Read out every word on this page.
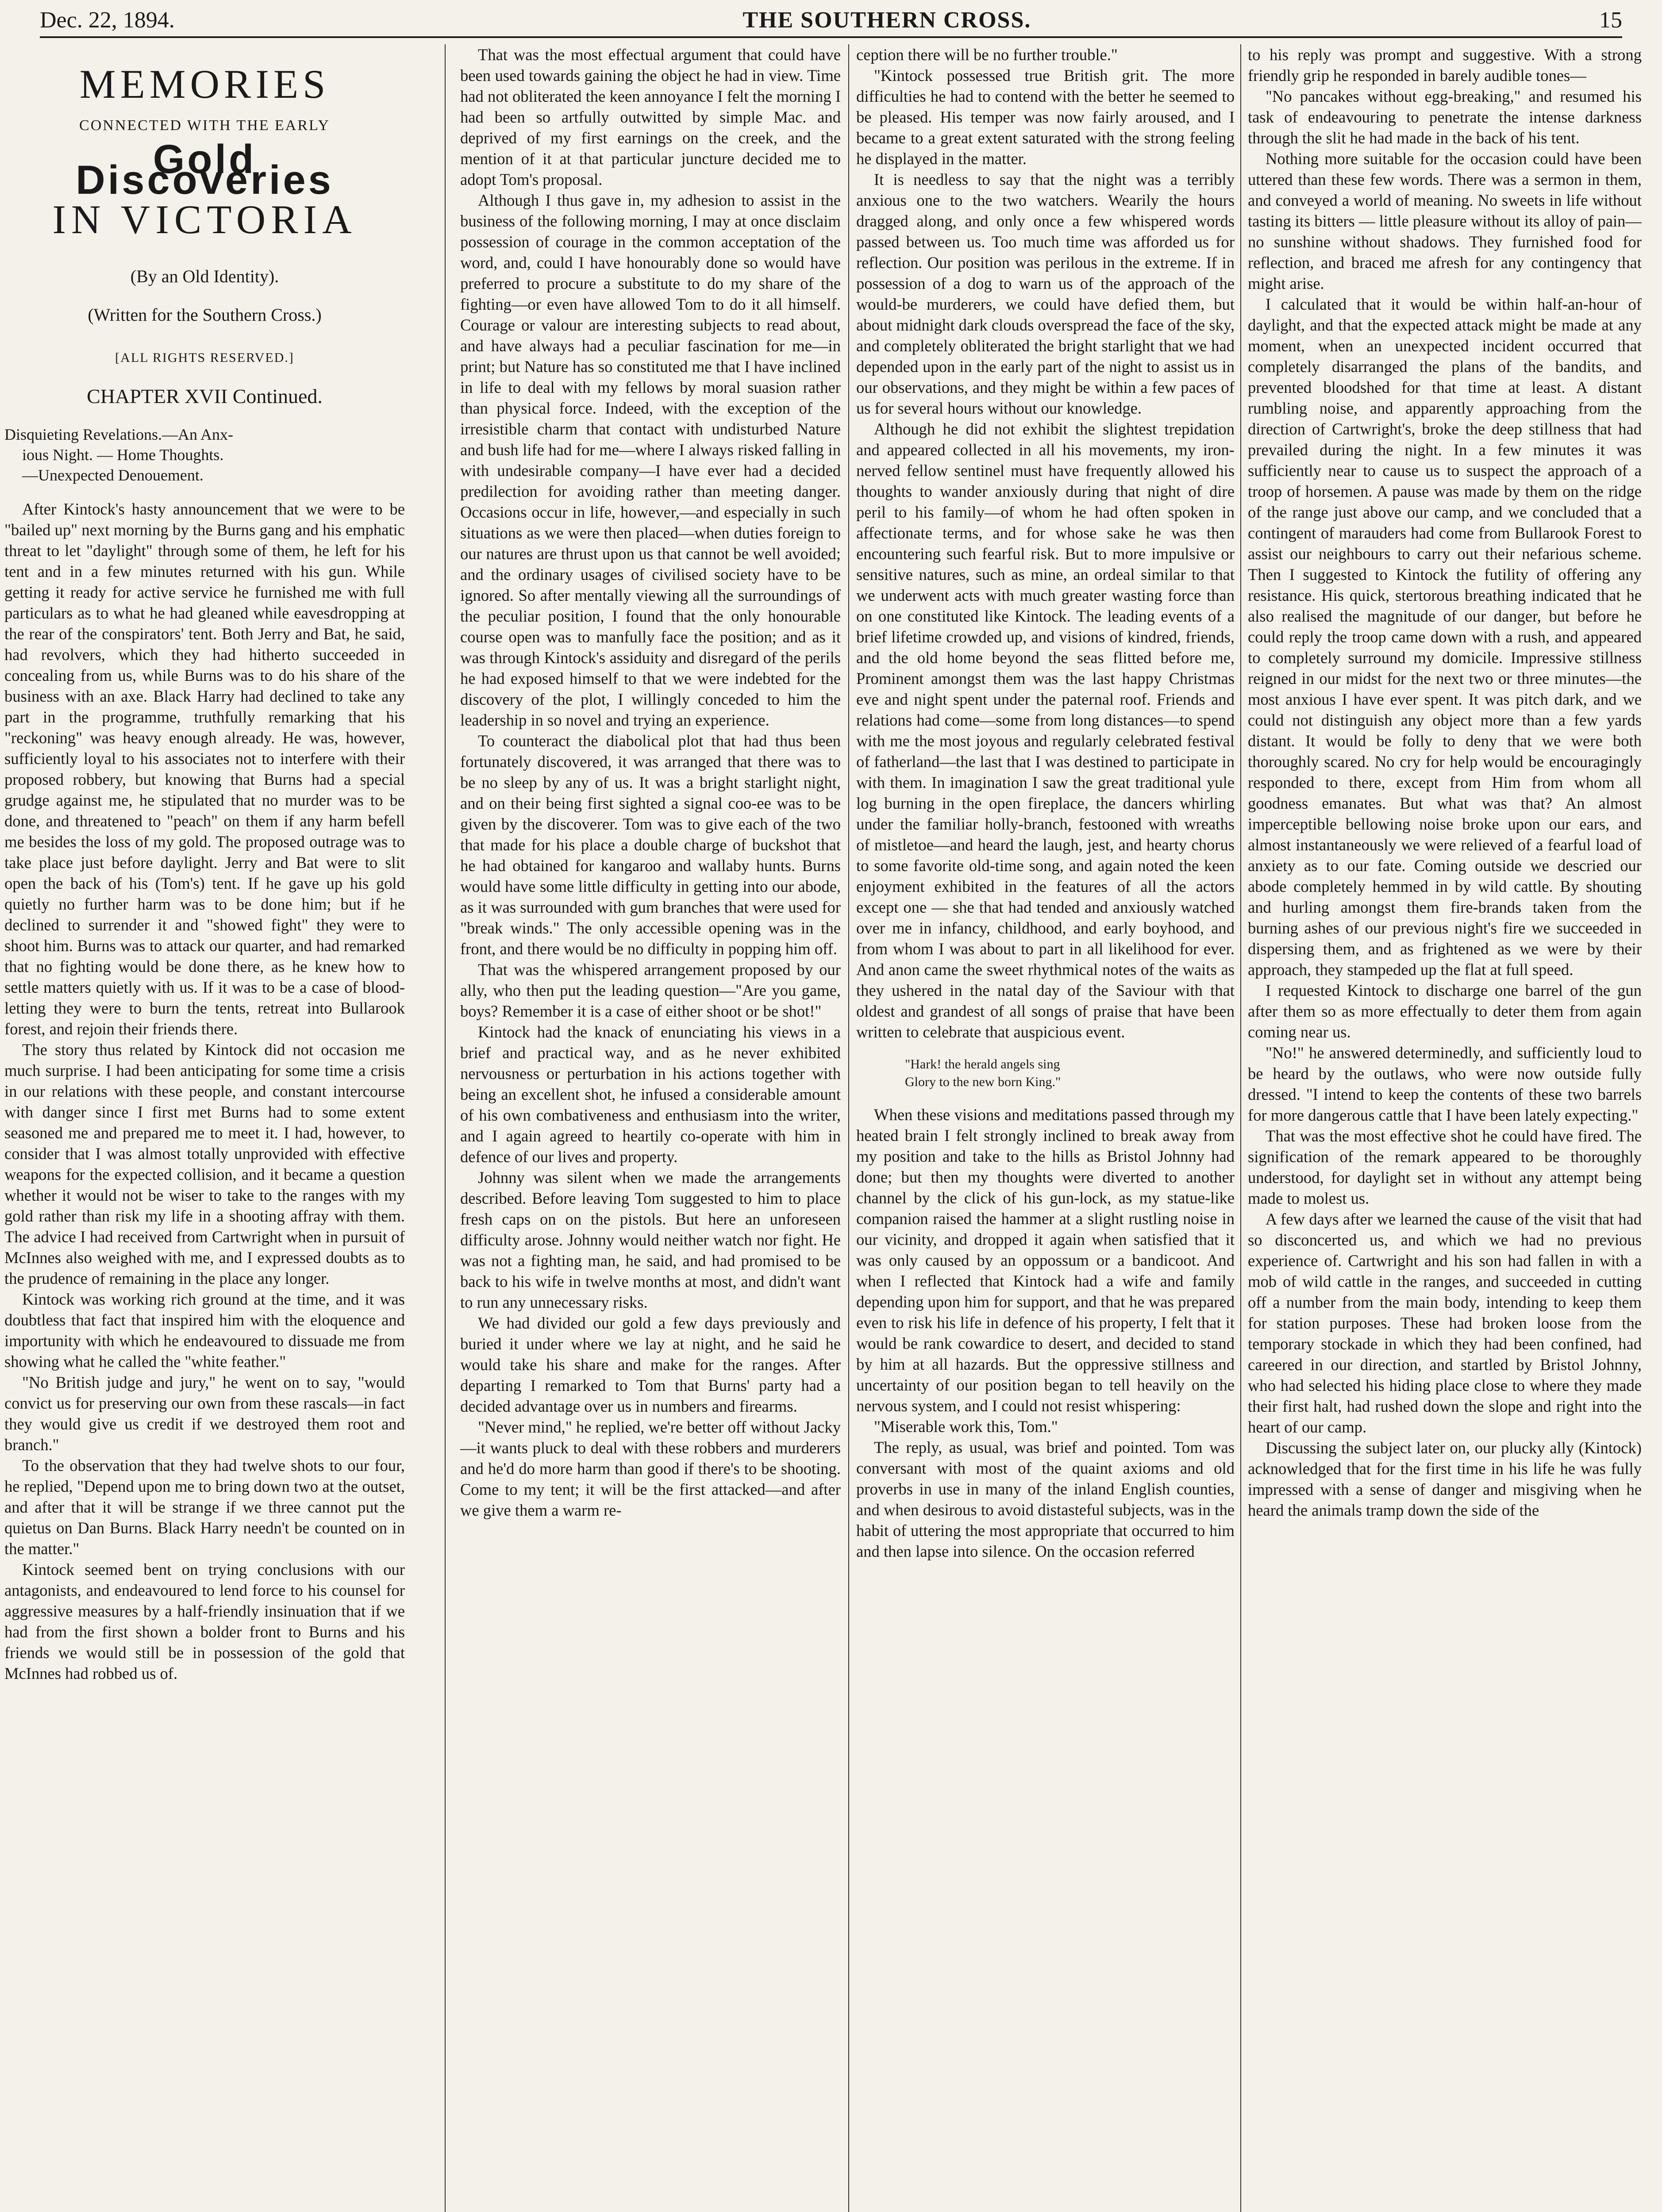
Dec. 22, 1894.	THE SOUTHERN CROSS.	15
MEMORIES
CONNECTED WITH THE EARLY
Gold Discoveries
IN VICTORIA
(By an Old Identity).
(Written for the Southern Cross.)
[ALL RIGHTS RESERVED.]
CHAPTER XVII Continued.
Disquieting Revelations.—An Anx-
ious Night. — Home Thoughts.
—Unexpected Denouement.

After Kintock's hasty announcement that we were to be "bailed up" next morning by the Burns gang and his emphatic threat to let "daylight" through some of them, he left for his tent and in a few minutes returned with his gun. While getting it ready for active service he furnished me with full particulars as to what he had gleaned while eavesdropping at the rear of the conspirators' tent. Both Jerry and Bat, he said, had revolvers, which they had hitherto succeeded in concealing from us, while Burns was to do his share of the business with an axe. Black Harry had declined to take any part in the programme, truthfully remarking that his "reckoning" was heavy enough already. He was, however, sufficiently loyal to his associates not to interfere with their proposed robbery, but knowing that Burns had a special grudge against me, he stipulated that no murder was to be done, and threatened to "peach" on them if any harm befell me besides the loss of my gold. The proposed outrage was to take place just before daylight. Jerry and Bat were to slit open the back of his (Tom's) tent. If he gave up his gold quietly no further harm was to be done him; but if he declined to surrender it and "showed fight" they were to shoot him. Burns was to attack our quarter, and had remarked that no fighting would be done there, as he knew how to settle matters quietly with us. If it was to be a case of blood-letting they were to burn the tents, retreat into Bullarook forest, and rejoin their friends there.

The story thus related by Kintock did not occasion me much surprise. I had been anticipating for some time a crisis in our relations with these people, and constant intercourse with danger since I first met Burns had to some extent seasoned me and prepared me to meet it. I had, however, to consider that I was almost totally unprovided with effective weapons for the expected collision, and it became a question whether it would not be wiser to take to the ranges with my gold rather than risk my life in a shooting affray with them. The advice I had received from Cartwright when in pursuit of McInnes also weighed with me, and I expressed doubts as to the prudence of remaining in the place any longer.

Kintock was working rich ground at the time, and it was doubtless that fact that inspired him with the eloquence and importunity with which he endeavoured to dissuade me from showing what he called the "white feather."

"No British judge and jury," he went on to say, "would convict us for preserving our own from these rascals—in fact they would give us credit if we destroyed them root and branch."

To the observation that they had twelve shots to our four, he replied, "Depend upon me to bring down two at the outset, and after that it will be strange if we three cannot put the quietus on Dan Burns. Black Harry needn't be counted on in the matter."

Kintock seemed bent on trying conclusions with our antagonists, and endeavoured to lend force to his counsel for aggressive measures by a half-friendly insinuation that if we had from the first shown a bolder front to Burns and his friends we would still be in possession of the gold that McInnes had robbed us of.

That was the most effectual argument that could have been used towards gaining the object he had in view. Time had not obliterated the keen annoyance I felt the morning I had been so artfully outwitted by simple Mac. and deprived of my first earnings on the creek, and the mention of it at that particular juncture decided me to adopt Tom's proposal.

Although I thus gave in, my adhesion to assist in the business of the following morning, I may at once disclaim possession of courage in the common acceptation of the word, and, could I have honourably done so would have preferred to procure a substitute to do my share of the fighting—or even have allowed Tom to do it all himself. Courage or valour are interesting subjects to read about, and have always had a peculiar fascination for me—in print; but Nature has so constituted me that I have inclined in life to deal with my fellows by moral suasion rather than physical force. Indeed, with the exception of the irresistible charm that contact with undisturbed Nature and bush life had for me—where I always risked falling in with undesirable company—I have ever had a decided predilection for avoiding rather than meeting danger. Occasions occur in life, however,—and especially in such situations as we were then placed—when duties foreign to our natures are thrust upon us that cannot be well avoided; and the ordinary usages of civilised society have to be ignored. So after mentally viewing all the surroundings of the peculiar position, I found that the only honourable course open was to manfully face the position; and as it was through Kintock's assiduity and disregard of the perils he had exposed himself to that we were indebted for the discovery of the plot, I willingly conceded to him the leadership in so novel and trying an experience.

To counteract the diabolical plot that had thus been fortunately discovered, it was arranged that there was to be no sleep by any of us. It was a bright starlight night, and on their being first sighted a signal coo-ee was to be given by the discoverer. Tom was to give each of the two that made for his place a double charge of buckshot that he had obtained for kangaroo and wallaby hunts. Burns would have some little difficulty in getting into our abode, as it was surrounded with gum branches that were used for "break winds." The only accessible opening was in the front, and there would be no difficulty in popping him off.

That was the whispered arrangement proposed by our ally, who then put the leading question—"Are you game, boys? Remember it is a case of either shoot or be shot!"

Kintock had the knack of enunciating his views in a brief and practical way, and as he never exhibited nervousness or perturbation in his actions together with being an excellent shot, he infused a considerable amount of his own combativeness and enthusiasm into the writer, and I again agreed to heartily co-operate with him in defence of our lives and property.

Johnny was silent when we made the arrangements described. Before leaving Tom suggested to him to place fresh caps on on the pistols. But here an unforeseen difficulty arose. Johnny would neither watch nor fight. He was not a fighting man, he said, and had promised to be back to his wife in twelve months at most, and didn't want to run any unnecessary risks.

We had divided our gold a few days previously and buried it under where we lay at night, and he said he would take his share and make for the ranges. After departing I remarked to Tom that Burns' party had a decided advantage over us in numbers and firearms.

"Never mind," he replied, we're better off without Jacky—it wants pluck to deal with these robbers and murderers and he'd do more harm than good if there's to be shooting. Come to my tent; it will be the first attacked—and after we give them a warm re-

ception there will be no further trouble."

"Kintock possessed true British grit. The more difficulties he had to contend with the better he seemed to be pleased. His temper was now fairly aroused, and I became to a great extent saturated with the strong feeling he displayed in the matter.

It is needless to say that the night was a terribly anxious one to the two watchers. Wearily the hours dragged along, and only once a few whispered words passed between us. Too much time was afforded us for reflection. Our position was perilous in the extreme. If in possession of a dog to warn us of the approach of the would-be murderers, we could have defied them, but about midnight dark clouds overspread the face of the sky, and completely obliterated the bright starlight that we had depended upon in the early part of the night to assist us in our observations, and they might be within a few paces of us for several hours without our knowledge.

Although he did not exhibit the slightest trepidation and appeared collected in all his movements, my iron-nerved fellow sentinel must have frequently allowed his thoughts to wander anxiously during that night of dire peril to his family—of whom he had often spoken in affectionate terms, and for whose sake he was then encountering such fearful risk. But to more impulsive or sensitive natures, such as mine, an ordeal similar to that we underwent acts with much greater wasting force than on one constituted like Kintock. The leading events of a brief lifetime crowded up, and visions of kindred, friends, and the old home beyond the seas flitted before me, Prominent amongst them was the last happy Christmas eve and night spent under the paternal roof. Friends and relations had come—some from long distances—to spend with me the most joyous and regularly celebrated festival of fatherland—the last that I was destined to participate in with them. In imagination I saw the great traditional yule log burning in the open fireplace, the dancers whirling under the familiar holly-branch, festooned with wreaths of mistletoe—and heard the laugh, jest, and hearty chorus to some favorite old-time song, and again noted the keen enjoyment exhibited in the features of all the actors except one — she that had tended and anxiously watched over me in infancy, childhood, and early boyhood, and from whom I was about to part in all likelihood for ever. And anon came the sweet rhythmical notes of the waits as they ushered in the natal day of the Saviour with that oldest and grandest of all songs of praise that have been written to celebrate that auspicious event.

"Hark! the herald angels sing
Glory to the new born King."

When these visions and meditations passed through my heated brain I felt strongly inclined to break away from my position and take to the hills as Bristol Johnny had done; but then my thoughts were diverted to another channel by the click of his gun-lock, as my statue-like companion raised the hammer at a slight rustling noise in our vicinity, and dropped it again when satisfied that it was only caused by an oppossum or a bandicoot. And when I reflected that Kintock had a wife and family depending upon him for support, and that he was prepared even to risk his life in defence of his property, I felt that it would be rank cowardice to desert, and decided to stand by him at all hazards. But the oppressive stillness and uncertainty of our position began to tell heavily on the nervous system, and I could not resist whispering:

"Miserable work this, Tom."

The reply, as usual, was brief and pointed. Tom was conversant with most of the quaint axioms and old proverbs in use in many of the inland English counties, and when desirous to avoid distasteful subjects, was in the habit of uttering the most appropriate that occurred to him and then lapse into silence. On the occasion referred

to his reply was prompt and suggestive. With a strong friendly grip he responded in barely audible tones—

"No pancakes without egg-breaking," and resumed his task of endeavouring to penetrate the intense darkness through the slit he had made in the back of his tent.

Nothing more suitable for the occasion could have been uttered than these few words. There was a sermon in them, and conveyed a world of meaning. No sweets in life without tasting its bitters — little pleasure without its alloy of pain—no sunshine without shadows. They furnished food for reflection, and braced me afresh for any contingency that might arise.

I calculated that it would be within half-an-hour of daylight, and that the expected attack might be made at any moment, when an unexpected incident occurred that completely disarranged the plans of the bandits, and prevented bloodshed for that time at least. A distant rumbling noise, and apparently approaching from the direction of Cartwright's, broke the deep stillness that had prevailed during the night. In a few minutes it was sufficiently near to cause us to suspect the approach of a troop of horsemen. A pause was made by them on the ridge of the range just above our camp, and we concluded that a contingent of marauders had come from Bullarook Forest to assist our neighbours to carry out their nefarious scheme. Then I suggested to Kintock the futility of offering any resistance. His quick, stertorous breathing indicated that he also realised the magnitude of our danger, but before he could reply the troop came down with a rush, and appeared to completely surround my domicile. Impressive stillness reigned in our midst for the next two or three minutes—the most anxious I have ever spent. It was pitch dark, and we could not distinguish any object more than a few yards distant. It would be folly to deny that we were both thoroughly scared. No cry for help would be encouragingly responded to there, except from Him from whom all goodness emanates. But what was that? An almost imperceptible bellowing noise broke upon our ears, and almost instantaneously we were relieved of a fearful load of anxiety as to our fate. Coming outside we descried our abode completely hemmed in by wild cattle. By shouting and hurling amongst them fire-brands taken from the burning ashes of our previous night's fire we succeeded in dispersing them, and as frightened as we were by their approach, they stampeded up the flat at full speed.

I requested Kintock to discharge one barrel of the gun after them so as more effectually to deter them from again coming near us.

"No!" he answered determinedly, and sufficiently loud to be heard by the outlaws, who were now outside fully dressed. "I intend to keep the contents of these two barrels for more dangerous cattle that I have been lately expecting."

That was the most effective shot he could have fired. The signification of the remark appeared to be thoroughly understood, for daylight set in without any attempt being made to molest us.

A few days after we learned the cause of the visit that had so disconcerted us, and which we had no previous experience of. Cartwright and his son had fallen in with a mob of wild cattle in the ranges, and succeeded in cutting off a number from the main body, intending to keep them for station purposes. These had broken loose from the temporary stockade in which they had been confined, had careered in our direction, and startled by Bristol Johnny, who had selected his hiding place close to where they made their first halt, had rushed down the slope and right into the heart of our camp.

Discussing the subject later on, our plucky ally (Kintock) acknowledged that for the first time in his life he was fully impressed with a sense of danger and misgiving when he heard the animals tramp down the side of the
